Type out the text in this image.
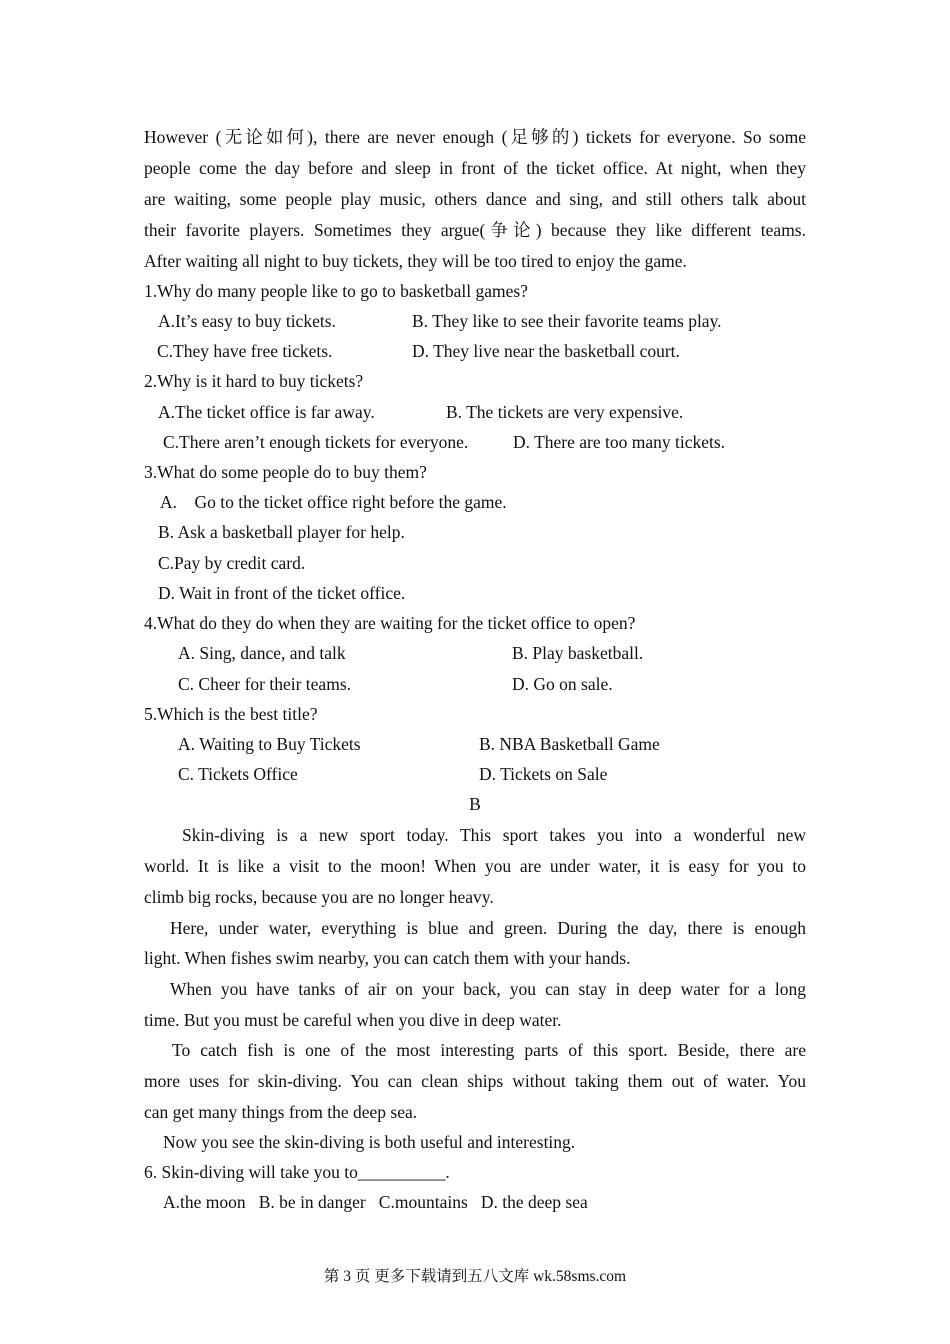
However (无论如何), there are never enough (足够的) tickets for everyone. So some
people come the day before and sleep in front of the ticket office. At night, when they
are waiting, some people play music, others dance and sing, and still others talk about
their favorite players. Sometimes they argue(争论) because they like different teams.
After waiting all night to buy tickets, they will be too tired to enjoy the game.
1.Why do many people like to go to basketball games?
A.It’s easy to buy tickets.	B. They like to see their favorite teams play.
C.They have free tickets.	D. They live near the basketball court.
2.Why is it hard to buy tickets?
A.The ticket office is far away.	B. The tickets are very expensive.
C.There aren’t enough tickets for everyone.	D. There are too many tickets.
3.What do some people do to buy them?
A.    Go to the ticket office right before the game.
B. Ask a basketball player for help.
C.Pay by credit card.
D. Wait in front of the ticket office.
4.What do they do when they are waiting for the ticket office to open?
A. Sing, dance, and talk	B. Play basketball.
C. Cheer for their teams.	D. Go on sale.
5.Which is the best title?
A. Waiting to Buy Tickets	B. NBA Basketball Game
C. Tickets Office	D. Tickets on Sale
B
Skin-diving is a new sport today. This sport takes you into a wonderful new
world. It is like a visit to the moon! When you are under water, it is easy for you to
climb big rocks, because you are no longer heavy.
Here, under water, everything is blue and green. During the day, there is enough
light. When fishes swim nearby, you can catch them with your hands.
When you have tanks of air on your back, you can stay in deep water for a long
time. But you must be careful when you dive in deep water.
To catch fish is one of the most interesting parts of this sport. Beside, there are
more uses for skin-diving. You can clean ships without taking them out of water. You
can get many things from the deep sea.
Now you see the skin-diving is both useful and interesting.
6. Skin-diving will take you to__________.
A.the moon   B. be in danger   C.mountains   D. the deep sea
第 3 页 更多下载请到五八文库 wk.58sms.com
